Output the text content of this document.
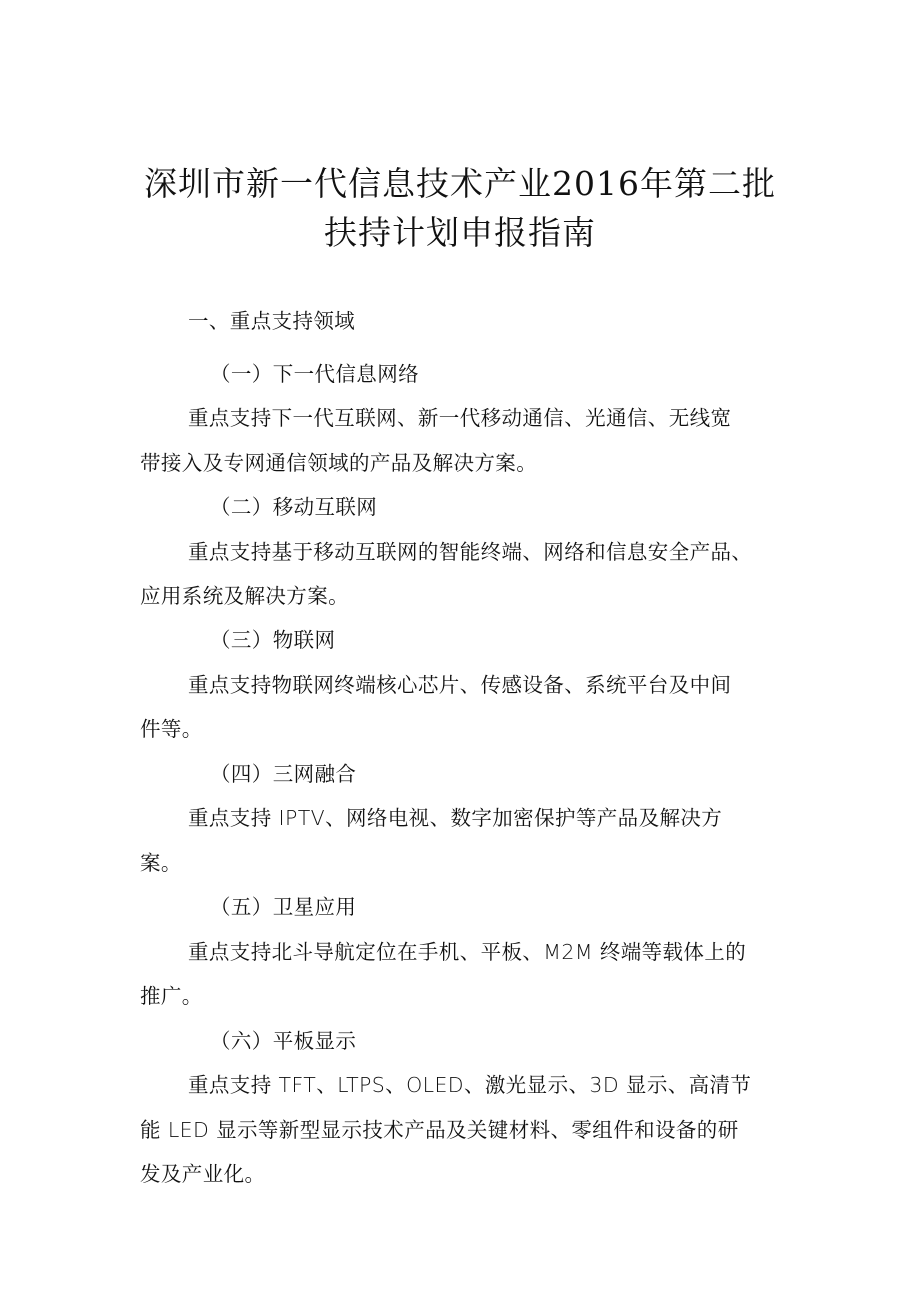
深圳市新一代信息技术产业2016年第二批
扶持计划申报指南
一、重点支持领域
（一）下一代信息网络
重点支持下一代互联网、新一代移动通信、光通信、无线宽
带接入及专网通信领域的产品及解决方案。
（二）移动互联网
重点支持基于移动互联网的智能终端、网络和信息安全产品、
应用系统及解决方案。
（三）物联网
重点支持物联网终端核心芯片、传感设备、系统平台及中间
件等。
（四）三网融合
重点支持 IPTV、网络电视、数字加密保护等产品及解决方
案。
（五）卫星应用
重点支持北斗导航定位在手机、平板、M2M 终端等载体上的
推广。
（六）平板显示
重点支持 TFT、LTPS、OLED、激光显示、3D 显示、高清节
能 LED 显示等新型显示技术产品及关键材料、零组件和设备的研
发及产业化。
